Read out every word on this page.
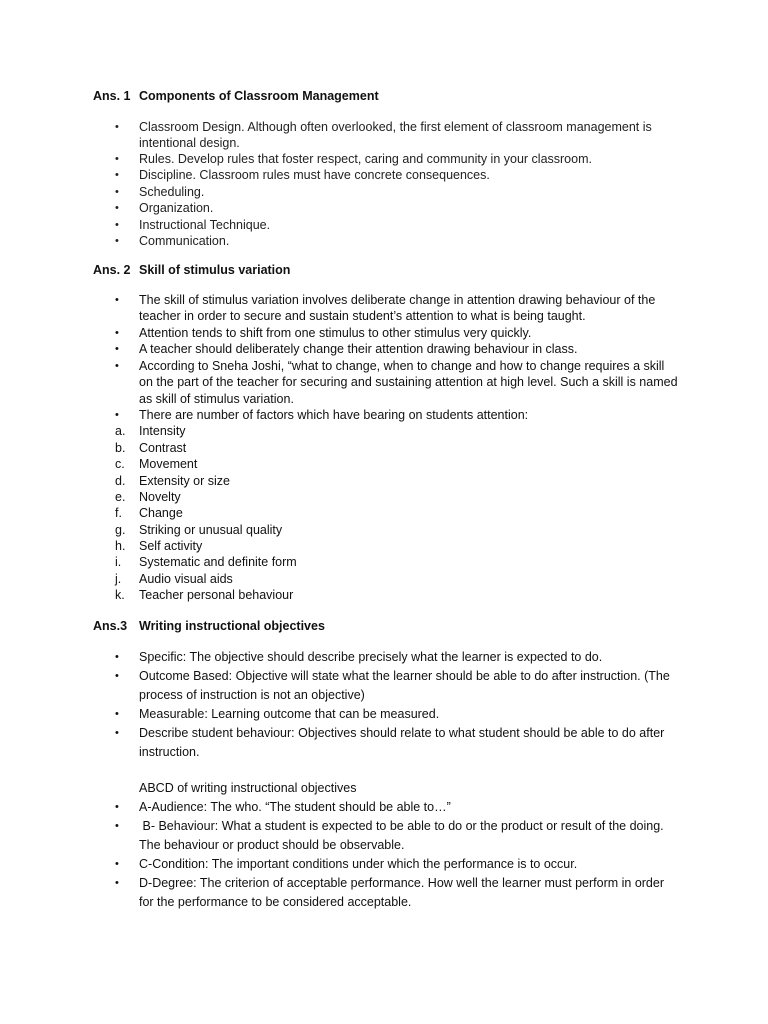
Ans. 1 Components of Classroom Management
•	Classroom Design. Although often overlooked, the first element of classroom management is intentional design.
•	Rules. Develop rules that foster respect, caring and community in your classroom.
•	Discipline. Classroom rules must have concrete consequences.
•	Scheduling.
•	Organization.
•	Instructional Technique.
•	Communication.
Ans. 2 Skill of stimulus variation
•	The skill of stimulus variation involves deliberate change in attention drawing behaviour of the teacher in order to secure and sustain student’s attention to what is being taught.
•	Attention tends to shift from one stimulus to other stimulus very quickly.
•	A teacher should deliberately change their attention drawing behaviour in class.
•	According to Sneha Joshi, “what to change, when to change and how to change requires a skill on the part of the teacher for securing and sustaining attention at high level. Such a skill is named as skill of stimulus variation.
•	There are number of factors which have bearing on students attention:
a.	Intensity
b.	Contrast
c.	Movement
d.	Extensity or size
e.	Novelty
f.	Change
g.	Striking or unusual quality
h.	Self activity
i.	Systematic and definite form
j.	Audio visual aids
k.	Teacher personal behaviour
Ans.3 Writing instructional objectives
•	Specific: The objective should describe precisely what the learner is expected to do.
•	Outcome Based: Objective will state what the learner should be able to do after instruction. (The process of instruction is not an objective)
•	Measurable: Learning outcome that can be measured.
•	Describe student behaviour: Objectives should relate to what student should be able to do after instruction.
ABCD of writing instructional objectives
•	A-Audience: The who. “The student should be able to…”
•	B- Behaviour: What a student is expected to be able to do or the product or result of the doing. The behaviour or product should be observable.
•	C-Condition: The important conditions under which the performance is to occur.
•	D-Degree: The criterion of acceptable performance. How well the learner must perform in order for the performance to be considered acceptable.
